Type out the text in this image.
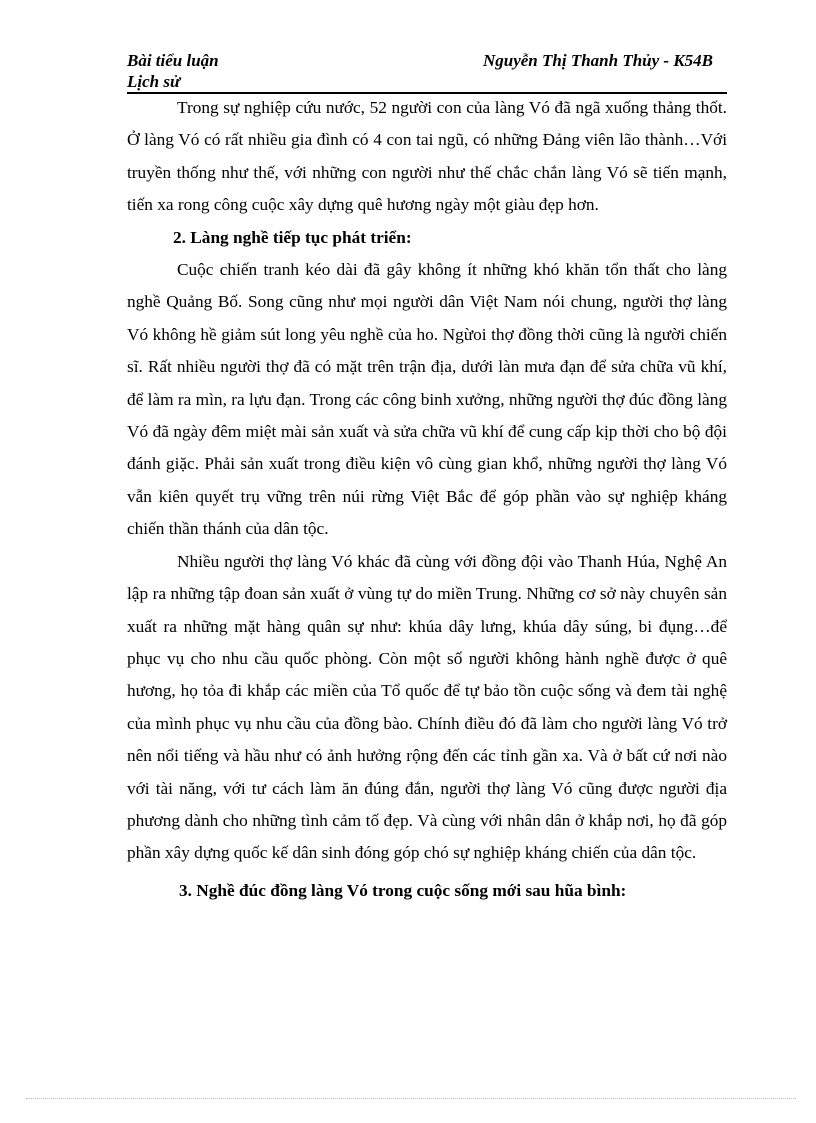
Bài tiểu luận
Lịch sử
Nguyễn Thị Thanh Thủy - K54B

Trong sự nghiệp cứu nước, 52 người con của làng Vó đã ngã xuống thảng thốt. Ở làng Vó có rất nhiều gia đình có 4 con tai ngũ, có những Đảng viên lão thành…Với truyền thống như thế, với những con người như thế chắc chắn làng Vó sẽ tiến mạnh, tiến xa rong công cuộc xây dựng quê hương ngày một giàu đẹp hơn.

2. Làng nghề tiếp tục phát triển:

Cuộc chiến tranh kéo dài đã gây không ít những khó khăn tổn thất cho làng nghề Quảng Bố. Song cũng như mọi người dân Việt Nam nói chung, người thợ làng Vó không hề giảm sút long yêu nghề của ho. Ngừoi thợ đồng thời cũng là người chiến sĩ. Rất nhiều người thợ đã có mặt trên trận địa, dưới làn mưa đạn để sửa chữa vũ khí, để làm ra mìn, ra lựu đạn. Trong các công binh xưởng, những người thợ đúc đồng làng Vó đã ngày đêm miệt mài sản xuất và sửa chữa vũ khí để cung cấp kịp thời cho bộ đội đánh giặc. Phải sản xuất trong điều kiện vô cùng gian khổ, những người thợ làng Vó vẫn kiên quyết trụ vững trên núi rừng Việt Bắc để góp phần vào sự nghiệp kháng chiến thần thánh của dân tộc.

Nhiều người thợ làng Vó khác đã cùng với đồng đội vào Thanh Húa, Nghệ An lập ra những tập đoan sản xuất ở vùng tự do miền Trung. Những cơ sở này chuyên sản xuất ra những mặt hàng quân sự như: khúa dây lưng, khúa dây súng, bi đụng…để phục vụ cho nhu cầu quốc phòng. Còn một số người không hành nghề được ở quê hương, họ tỏa đi khắp các miền của Tổ quốc để tự bảo tồn cuộc sống và đem tài nghệ của mình phục vụ nhu cầu của đồng bào. Chính điều đó đã làm cho người làng Vó trở nên nổi tiếng và hầu như có ảnh hưởng rộng đến các tỉnh gần xa. Và ở bất cứ nơi nào với tài năng, với tư cách làm ăn đúng đắn, người thợ làng Vó cũng được người địa phương dành cho những tình cảm tố đẹp. Và cùng với nhân dân ở khắp nơi, họ đã góp phần xây dựng quốc kế dân sinh đóng góp chó sự nghiệp kháng chiến của dân tộc.

3. Nghề đúc đồng làng Vó trong cuộc sống mới sau hũa bình:
